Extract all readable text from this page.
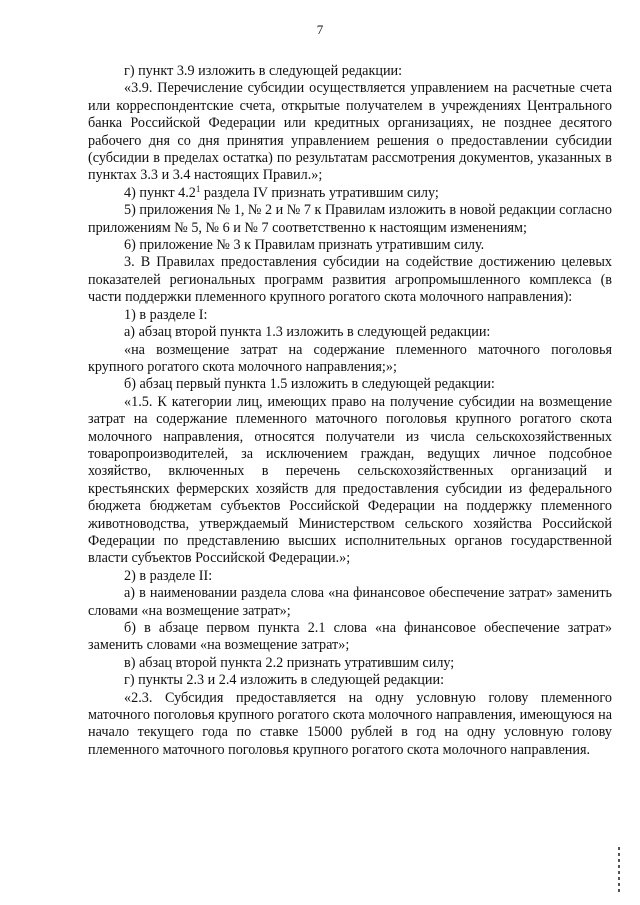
7

г) пункт 3.9 изложить в следующей редакции:

«3.9. Перечисление субсидии осуществляется управлением на расчетные счета или корреспондентские счета, открытые получателем в учреждениях Центрального банка Российской Федерации или кредитных организациях, не позднее десятого рабочего дня со дня принятия управлением решения о предоставлении субсидии (субсидии в пределах остатка) по результатам рассмотрения документов, указанных в пунктах 3.3 и 3.4 настоящих Правил.»;

4) пункт $4.2^1$ раздела IV признать утратившим силу;

5) приложения № 1, № 2 и № 7 к Правилам изложить в новой редакции согласно приложениям № 5, № 6 и № 7 соответственно к настоящим изменениям;

6) приложение № 3 к Правилам признать утратившим силу.

3. В Правилах предоставления субсидии на содействие достижению целевых показателей региональных программ развития агропромышленного комплекса (в части поддержки племенного крупного рогатого скота молочного направления):

1) в разделе I:

а) абзац второй пункта 1.3 изложить в следующей редакции:

«на возмещение затрат на содержание племенного маточного поголовья крупного рогатого скота молочного направления;»;

б) абзац первый пункта 1.5 изложить в следующей редакции:

«1.5. К категории лиц, имеющих право на получение субсидии на возмещение затрат на содержание племенного маточного поголовья крупного рогатого скота молочного направления, относятся получатели из числа сельскохозяйственных товаропроизводителей, за исключением граждан, ведущих личное подсобное хозяйство, включенных в перечень сельскохозяйственных организаций и крестьянских фермерских хозяйств для предоставления субсидии из федерального бюджета бюджетам субъектов Российской Федерации на поддержку племенного животноводства, утверждаемый Министерством сельского хозяйства Российской Федерации по представлению высших исполнительных органов государственной власти субъектов Российской Федерации.»;

2) в разделе II:

а) в наименовании раздела слова «на финансовое обеспечение затрат» заменить словами «на возмещение затрат»;

б) в абзаце первом пункта 2.1 слова «на финансовое обеспечение затрат» заменить словами «на возмещение затрат»;

в) абзац второй пункта 2.2 признать утратившим силу;

г) пункты 2.3 и 2.4 изложить в следующей редакции:

«2.3. Субсидия предоставляется на одну условную голову племенного маточного поголовья крупного рогатого скота молочного направления, имеющуюся на начало текущего года по ставке 15000 рублей в год на одну условную голову племенного маточного поголовья крупного рогатого скота молочного направления.
